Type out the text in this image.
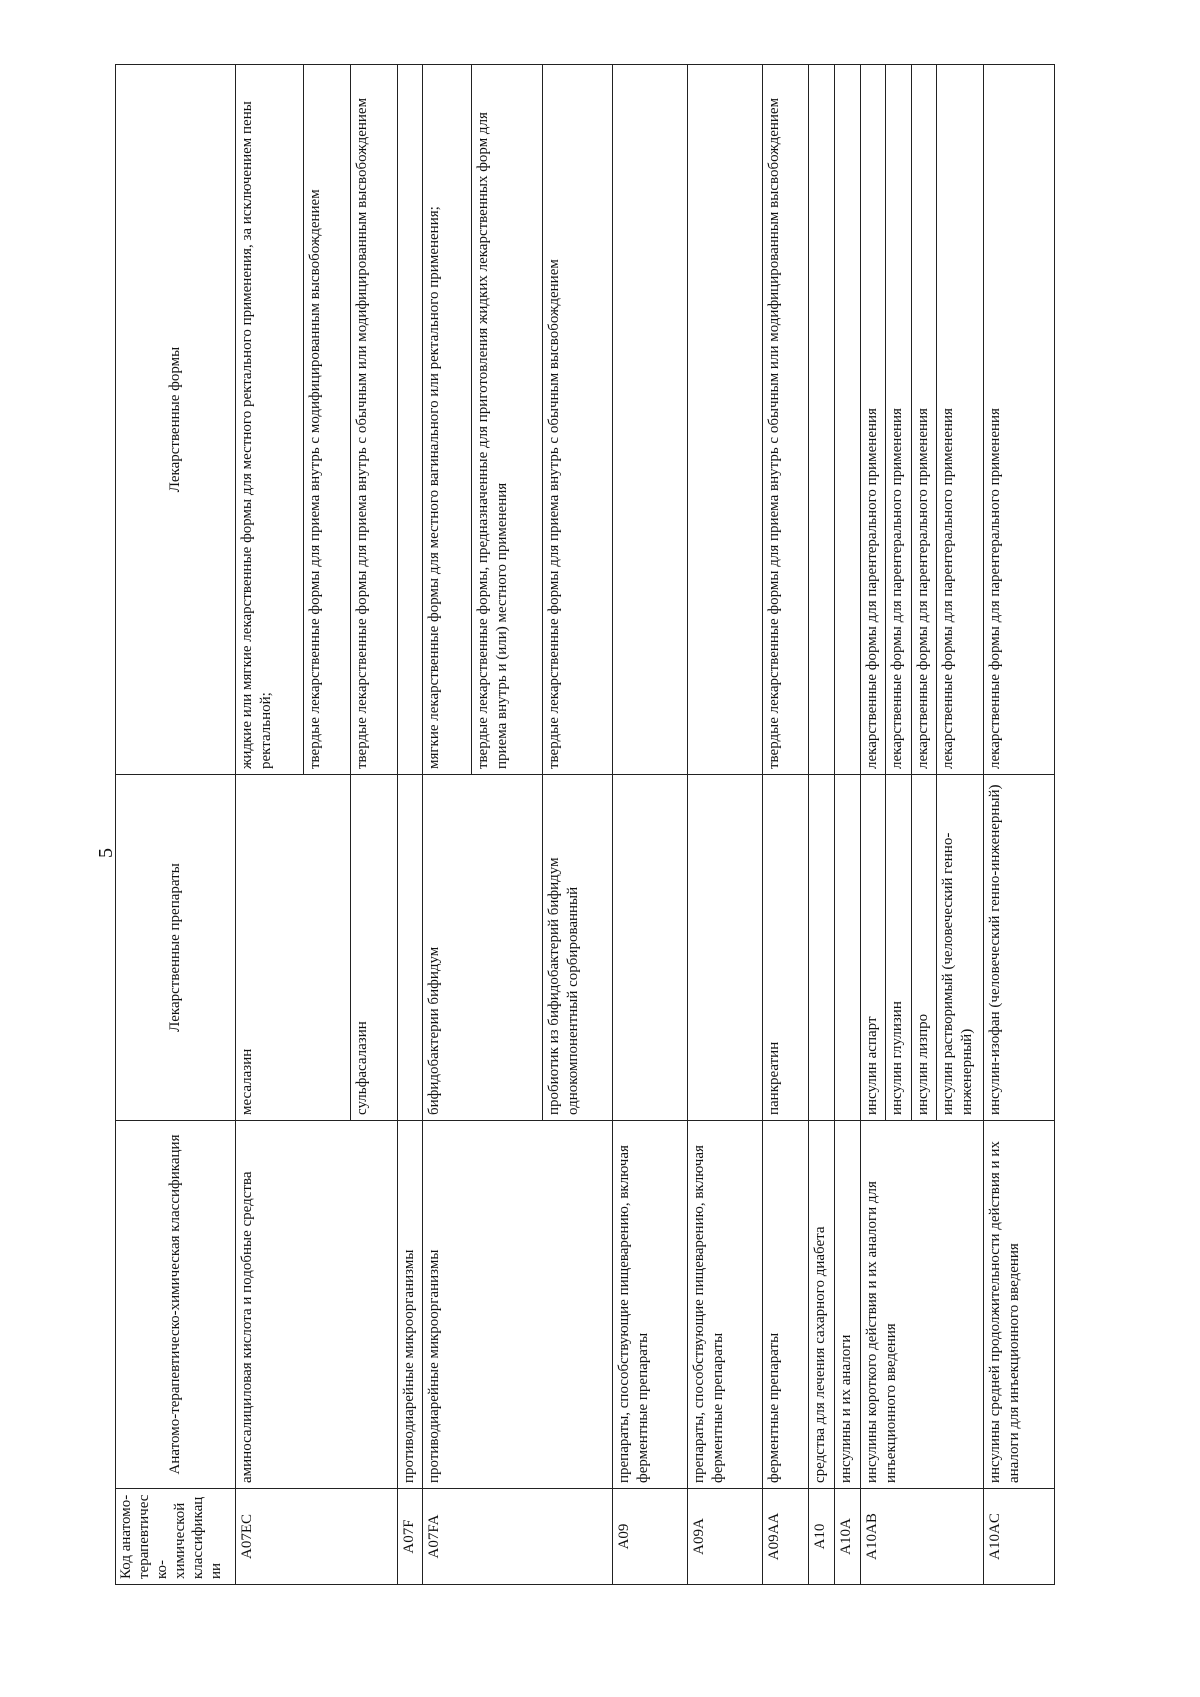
5
Код анатомо-терапевтическо-химической классификации	Анатомо-терапевтическо-химическая классификация	Лекарственные препараты	Лекарственные формы
A07EC	аминосалициловая кислота и подобные средства	месалазин	жидкие или мягкие лекарственные формы для местного ректального применения, за исключением пены ректальной;
			твердые лекарственные формы для приема внутрь с модифицированным высвобождением
		сульфасалазин	твердые лекарственные формы для приема внутрь с обычным или модифицированным высвобождением
A07F	противодиарейные микроорганизмы		
A07FA	противодиарейные микроорганизмы	бифидобактерии бифидум	мягкие лекарственные формы для местного вагинального или ректального применения;
			твердые лекарственные формы, предназначенные для приготовления жидких лекарственных форм для приема внутрь и (или) местного применения
		пробиотик из бифидобактерий бифидум однокомпонентный сорбированный	твердые лекарственные формы для приема внутрь с обычным высвобождением
A09	препараты, способствующие пищеварению, включая ферментные препараты		
A09A	препараты, способствующие пищеварению, включая ферментные препараты		
A09AA	ферментные препараты	панкреатин	твердые лекарственные формы для приема внутрь с обычным или модифицированным высвобождением
A10	средства для лечения сахарного диабета		
A10A	инсулины и их аналоги		
A10AB	инсулины короткого действия и их аналоги для инъекционного введения	инсулин аспарт	лекарственные формы для парентерального применения
		инсулин глулизин	лекарственные формы для парентерального применения
		инсулин лизпро	лекарственные формы для парентерального применения
		инсулин растворимый (человеческий генно-инженерный)	лекарственные формы для парентерального применения
A10AC	инсулины средней продолжительности действия и их аналоги для инъекционного введения	инсулин-изофан (человеческий генно-инженерный)	лекарственные формы для парентерального применения
